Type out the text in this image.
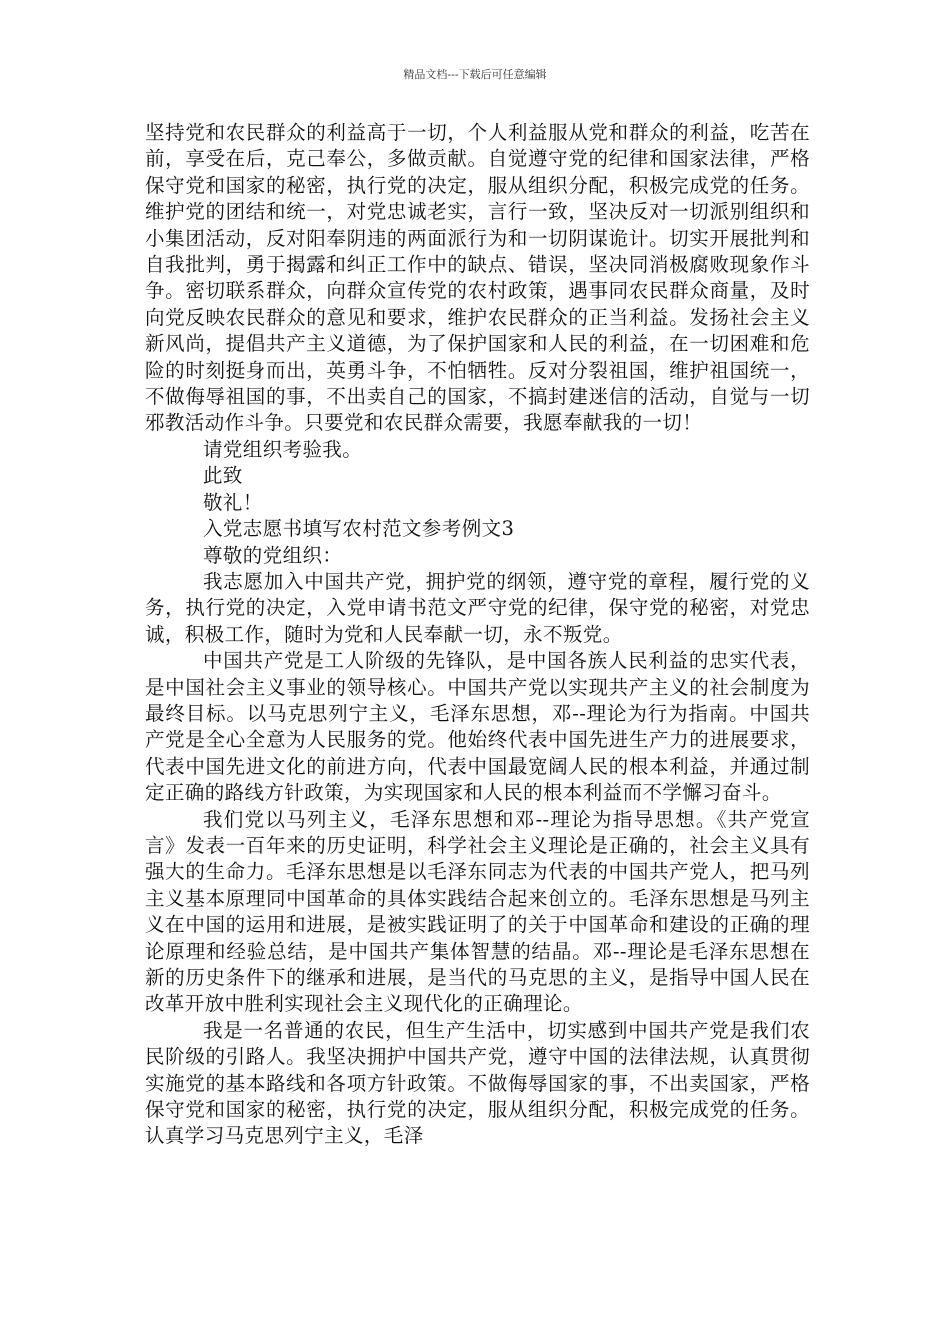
精品文档---下载后可任意编辑

坚持党和农民群众的利益高于一切，个人利益服从党和群众的利益，吃苦在前，享受在后，克己奉公，多做贡献。自觉遵守党的纪律和国家法律，严格保守党和国家的秘密，执行党的决定，服从组织分配，积极完成党的任务。维护党的团结和统一，对党忠诚老实，言行一致，坚决反对一切派别组织和小集团活动，反对阳奉阴违的两面派行为和一切阴谋诡计。切实开展批判和自我批判，勇于揭露和纠正工作中的缺点、错误，坚决同消极腐败现象作斗争。密切联系群众，向群众宣传党的农村政策，遇事同农民群众商量，及时向党反映农民群众的意见和要求，维护农民群众的正当利益。发扬社会主义新风尚，提倡共产主义道德，为了保护国家和人民的利益，在一切困难和危险的时刻挺身而出，英勇斗争，不怕牺牲。反对分裂祖国，维护祖国统一，不做侮辱祖国的事，不出卖自己的国家，不搞封建迷信的活动，自觉与一切邪教活动作斗争。只要党和农民群众需要，我愿奉献我的一切！

请党组织考验我。

此致

敬礼！

入党志愿书填写农村范文参考例文3

尊敬的党组织：

我志愿加入中国共产党，拥护党的纲领，遵守党的章程，履行党的义务，执行党的决定，入党申请书范文严守党的纪律，保守党的秘密，对党忠诚，积极工作，随时为党和人民奉献一切，永不叛党。

中国共产党是工人阶级的先锋队，是中国各族人民利益的忠实代表，是中国社会主义事业的领导核心。中国共产党以实现共产主义的社会制度为最终目标。以马克思列宁主义，毛泽东思想，邓--理论为行为指南。中国共产党是全心全意为人民服务的党。他始终代表中国先进生产力的进展要求，代表中国先进文化的前进方向，代表中国最宽阔人民的根本利益，并通过制定正确的路线方针政策，为实现国家和人民的根本利益而不学懈习奋斗。

我们党以马列主义，毛泽东思想和邓--理论为指导思想。《共产党宣言》发表一百年来的历史证明，科学社会主义理论是正确的，社会主义具有强大的生命力。毛泽东思想是以毛泽东同志为代表的中国共产党人，把马列主义基本原理同中国革命的具体实践结合起来创立的。毛泽东思想是马列主义在中国的运用和进展，是被实践证明了的关于中国革命和建设的正确的理论原理和经验总结，是中国共产集体智慧的结晶。邓--理论是毛泽东思想在新的历史条件下的继承和进展，是当代的马克思的主义，是指导中国人民在改革开放中胜利实现社会主义现代化的正确理论。

我是一名普通的农民，但生产生活中，切实感到中国共产党是我们农民阶级的引路人。我坚决拥护中国共产党，遵守中国的法律法规，认真贯彻实施党的基本路线和各项方针政策。不做侮辱国家的事，不出卖国家，严格保守党和国家的秘密，执行党的决定，服从组织分配，积极完成党的任务。认真学习马克思列宁主义，毛泽
